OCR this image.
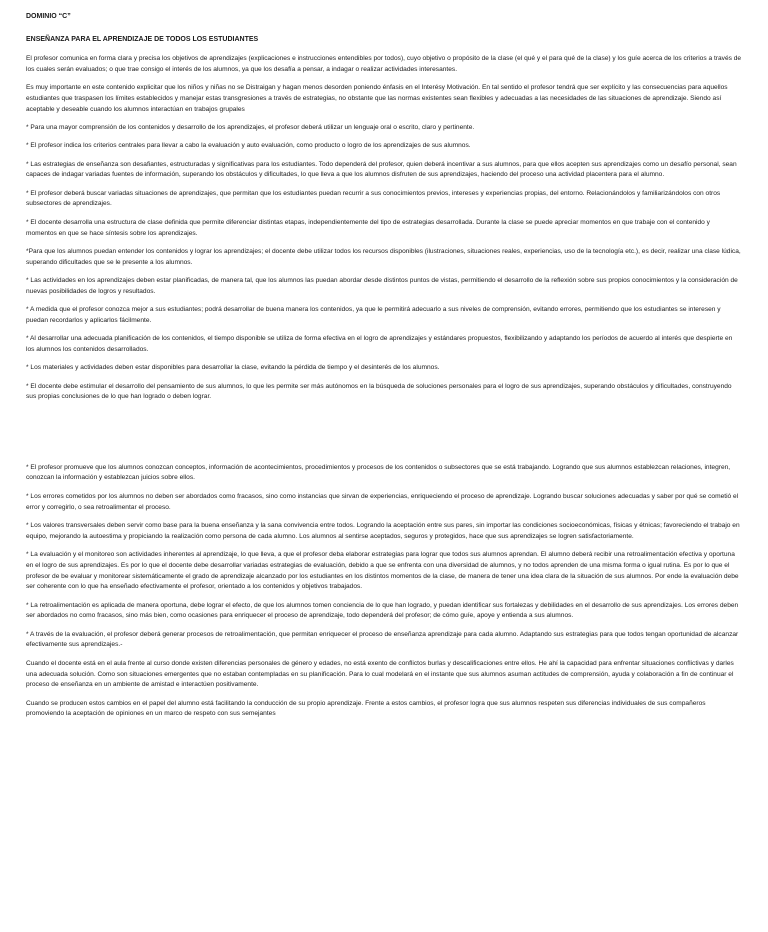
DOMINIO “C”
ENSEÑANZA PARA EL APRENDIZAJE DE TODOS LOS ESTUDIANTES

El profesor comunica en forma clara y precisa los objetivos de aprendizajes (explicaciones e instrucciones entendibles por todos), cuyo objetivo o propósito de la clase (el qué y el para qué de la clase) y los guíe acerca de los criterios a través de los cuales serán evaluados; o que trae consigo el interés de los alumnos, ya que los desafía a pensar, a indagar o realizar actividades interesantes.

Es muy importante en este contenido explicitar que los niños y niñas no se Distraigan y hagan menos desorden poniendo énfasis en el Interésy Motivación. En tal sentido el profesor tendrá que ser explícito y las consecuencias para aquellos estudiantes que traspasen los límites establecidos y manejar estas transgresiones a través de estrategias, no obstante que las normas existentes sean flexibles y adecuadas a las necesidades de las situaciones de aprendizaje. Siendo así aceptable y deseable cuando los alumnos interactúan en trabajos grupales

* Para una mayor comprensión de los contenidos y desarrollo de los aprendizajes, el profesor deberá utilizar un lenguaje oral o escrito, claro y pertinente.

* El profesor indica los criterios centrales para llevar a cabo la evaluación y auto evaluación, como producto o logro de los aprendizajes de sus alumnos.

* Las estrategias de enseñanza son desafiantes, estructuradas y significativas para los estudiantes. Todo dependerá del profesor, quien deberá incentivar a sus alumnos, para que ellos acepten sus aprendizajes como un desafío personal, sean capaces de indagar variadas fuentes de información, superando los obstáculos y dificultades, lo que lleva a que los alumnos disfruten de sus aprendizajes, haciendo del proceso una actividad placentera para el alumno.

* El profesor deberá buscar variadas situaciones de aprendizajes, que permitan que los estudiantes puedan recurrir a sus conocimientos previos, intereses y experiencias propias, del entorno. Relacionándolos y familiarizándolos con otros subsectores de aprendizajes.

* El docente desarrolla una estructura de clase definida que permite diferenciar distintas etapas, independientemente del tipo de estrategias desarrollada. Durante la clase se puede apreciar momentos en que trabaje con el contenido y momentos en que se hace síntesis sobre los aprendizajes.

*Para que los alumnos puedan entender los contenidos y lograr los aprendizajes; el docente debe utilizar todos los recursos disponibles (ilustraciones, situaciones reales, experiencias, uso de la tecnología etc.), es decir, realizar una clase lúdica, superando dificultades que se le presente a los alumnos.

* Las actividades en los aprendizajes deben estar planificadas, de manera tal, que los alumnos las puedan abordar desde distintos puntos de vistas, permitiendo el desarrollo de la reflexión sobre sus propios conocimientos y la consideración de nuevas posibilidades de logros y resultados.

* A medida que el profesor conozca mejor a sus estudiantes; podrá desarrollar de buena manera los contenidos, ya que le permitirá adecuarlo a sus niveles de comprensión, evitando errores, permitiendo que los estudiantes se interesen y puedan recordarlos y aplicarlos fácilmente.

* Al desarrollar una adecuada planificación de los contenidos, el tiempo disponible se utiliza de forma efectiva en el logro de aprendizajes y estándares propuestos, flexibilizando y adaptando los períodos de acuerdo al interés que despierte en los alumnos los contenidos desarrollados.

* Los materiales y actividades deben estar disponibles para desarrollar la clase, evitando la pérdida de tiempo y el desinterés de los alumnos.

* El docente debe estimular el desarrollo del pensamiento de sus alumnos, lo que les permite ser más autónomos en la búsqueda de soluciones personales para el logro de sus aprendizajes, superando obstáculos y dificultades, construyendo sus propias conclusiones de lo que han logrado o deben lograr.

* El profesor promueve que los alumnos conozcan conceptos, información de acontecimientos, procedimientos y procesos de los contenidos o subsectores que se está trabajando. Logrando que sus alumnos establezcan relaciones, integren, conozcan la información y establezcan juicios sobre ellos.

* Los errores cometidos por los alumnos no deben ser abordados como fracasos, sino como instancias que sirvan de experiencias, enriqueciendo el proceso de aprendizaje. Logrando buscar soluciones adecuadas y saber por qué se cometió el error y corregirlo, o sea retroalimentar el proceso.

* Los valores transversales deben servir como base para la buena enseñanza y la sana convivencia entre todos. Logrando la aceptación entre sus pares, sin importar las condiciones socioeconómicas, físicas y étnicas; favoreciendo el trabajo en equipo, mejorando la autoestima y propiciando la realización como persona de cada alumno. Los alumnos al sentirse aceptados, seguros y protegidos, hace que sus aprendizajes se logren satisfactoriamente.

* La evaluación y el monitoreo son actividades inherentes al aprendizaje, lo que lleva, a que el profesor deba elaborar estrategias para lograr que todos sus alumnos aprendan. El alumno deberá recibir una retroalimentación efectiva y oportuna en el logro de sus aprendizajes. Es por lo que el docente debe desarrollar variadas estrategias de evaluación, debido a que se enfrenta con una diversidad de alumnos, y no todos aprenden de una misma forma o igual rutina. Es por lo que el profesor de be evaluar y monitorear sistemáticamente el grado de aprendizaje alcanzado por los estudiantes en los distintos momentos de la clase, de manera de tener una idea clara de la situación de sus alumnos. Por ende la evaluación debe ser coherente con lo que ha enseñado efectivamente el profesor, orientado a los contenidos y objetivos trabajados.

* La retroalimentación es aplicada de manera oportuna, debe lograr el efecto, de que los alumnos tomen conciencia de lo que han logrado, y puedan identificar sus fortalezas y debilidades en el desarrollo de sus aprendizajes. Los errores deben ser abordados no como fracasos, sino más bien, como ocasiones para enriquecer el proceso de aprendizaje, todo dependerá del profesor; de cómo guíe, apoye y entienda a sus alumnos.

* A través de la evaluación, el profesor deberá generar procesos de retroalimentación, que permitan enriquecer el proceso de enseñanza aprendizaje para cada alumno. Adaptando sus estrategias para que todos tengan oportunidad de alcanzar efectivamente sus aprendizajes.-

Cuando el docente está en el aula frente al curso donde existen diferencias personales de género y edades, no está exento de conflictos burlas y descalificaciones entre ellos. He ahí la capacidad para enfrentar situaciones conflictivas y darles una adecuada solución. Como son situaciones emergentes que no estaban contempladas en su planificación. Para lo cual modelará en el instante que sus alumnos asuman actitudes de comprensión, ayuda y colaboración a fin de continuar el proceso de enseñanza en un ambiente de amistad e interactúen positivamente.

Cuando se producen estos cambios en el papel del alumno está facilitando la conducción de su propio aprendizaje. Frente a estos cambios, el profesor logra que sus alumnos respeten sus diferencias individuales de sus compañeros promoviendo la aceptación de opiniones en un marco de respeto con sus semejantes
